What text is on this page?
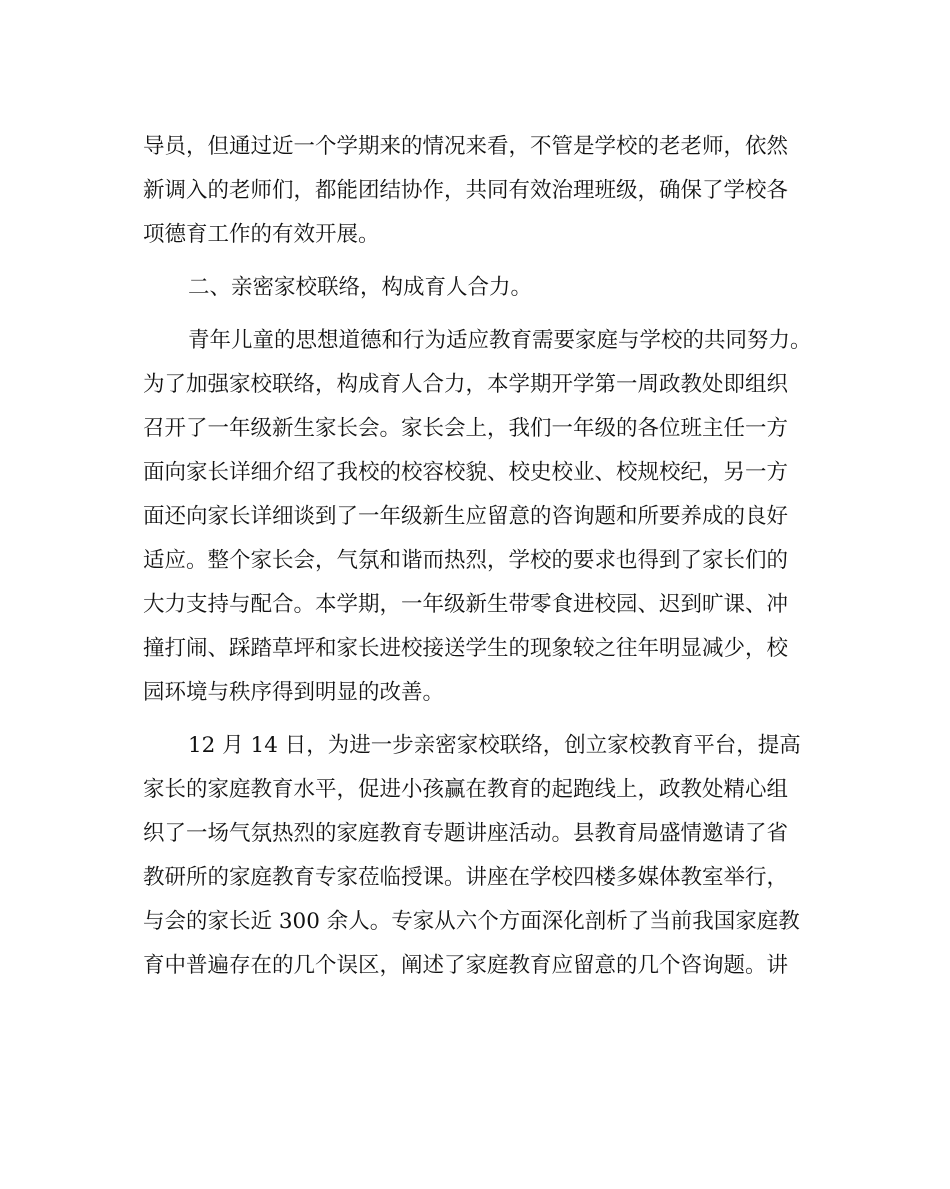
导员，但通过近一个学期来的情况来看，不管是学校的老老师，依然
新调入的老师们，都能团结协作，共同有效治理班级，确保了学校各
项德育工作的有效开展。
二、亲密家校联络，构成育人合力。
青年儿童的思想道德和行为适应教育需要家庭与学校的共同努力。
为了加强家校联络，构成育人合力，本学期开学第一周政教处即组织
召开了一年级新生家长会。家长会上，我们一年级的各位班主任一方
面向家长详细介绍了我校的校容校貌、校史校业、校规校纪，另一方
面还向家长详细谈到了一年级新生应留意的咨询题和所要养成的良好
适应。整个家长会，气氛和谐而热烈，学校的要求也得到了家长们的
大力支持与配合。本学期，一年级新生带零食进校园、迟到旷课、冲
撞打闹、踩踏草坪和家长进校接送学生的现象较之往年明显减少，校
园环境与秩序得到明显的改善。
12 月 14 日，为进一步亲密家校联络，创立家校教育平台，提高
家长的家庭教育水平，促进小孩赢在教育的起跑线上，政教处精心组
织了一场气氛热烈的家庭教育专题讲座活动。县教育局盛情邀请了省
教研所的家庭教育专家莅临授课。讲座在学校四楼多媒体教室举行，
与会的家长近 300 余人。专家从六个方面深化剖析了当前我国家庭教
育中普遍存在的几个误区，阐述了家庭教育应留意的几个咨询题。讲
